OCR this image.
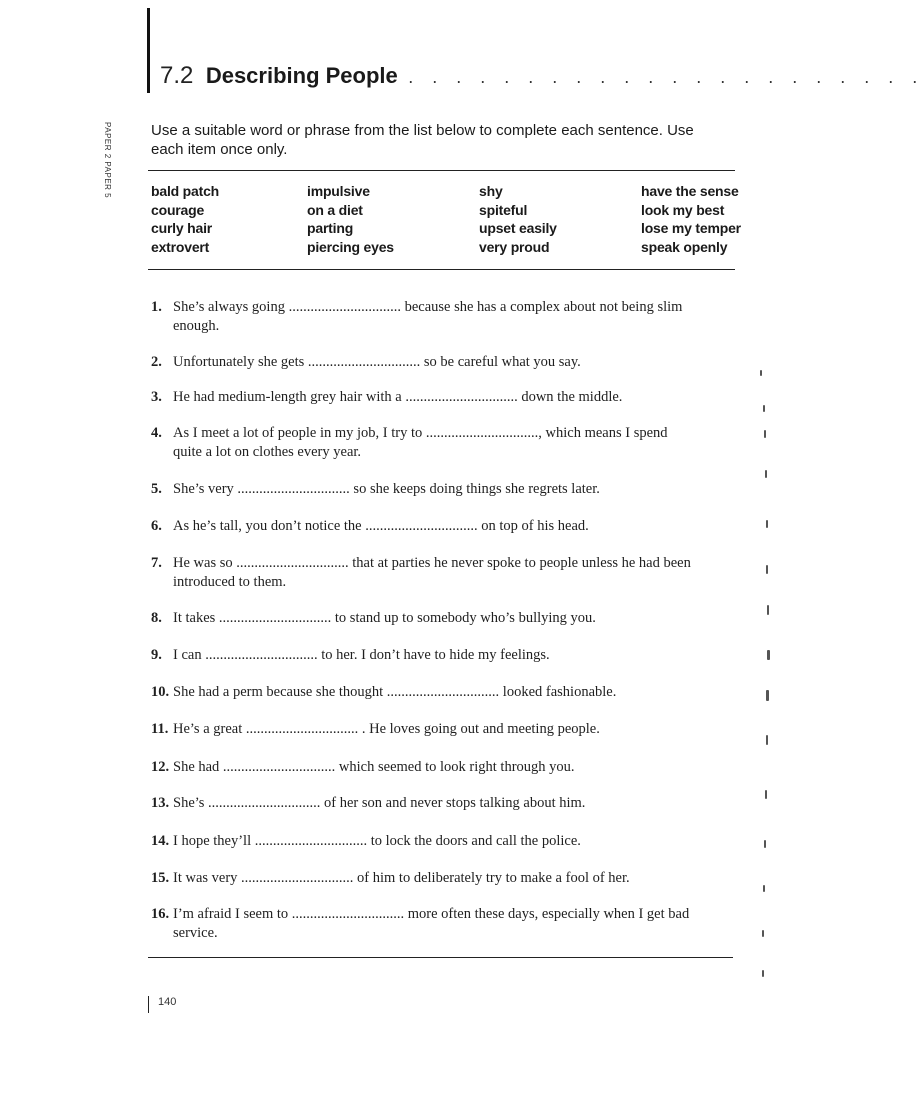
PAPER 2 PAPER 5
7.2 Describing People . . . . . . . . . . . . . . . . . . . . . .
Use a suitable word or phrase from the list below to complete each sentence. Use each item once only.
bald patch
courage
curly hair
extrovert
impulsive
on a diet
parting
piercing eyes
shy
spiteful
upset easily
very proud
have the sense
look my best
lose my temper
speak openly
1. She’s always going ............................... because she has a complex about not being slim
enough.
2. Unfortunately she gets ............................... so be careful what you say.
3. He had medium-length grey hair with a ............................... down the middle.
4. As I meet a lot of people in my job, I try to ..............................., which means I spend
quite a lot on clothes every year.
5. She’s very ............................... so she keeps doing things she regrets later.
6. As he’s tall, you don’t notice the ............................... on top of his head.
7. He was so ............................... that at parties he never spoke to people unless he had been
introduced to them.
8. It takes ............................... to stand up to somebody who’s bullying you.
9. I can ............................... to her. I don’t have to hide my feelings.
10. She had a perm because she thought ............................... looked fashionable.
11. He’s a great ............................... . He loves going out and meeting people.
12. She had ............................... which seemed to look right through you.
13. She’s ............................... of her son and never stops talking about him.
14. I hope they’ll ............................... to lock the doors and call the police.
15. It was very ............................... of him to deliberately try to make a fool of her.
16. I’m afraid I seem to ............................... more often these days, especially when I get bad
service.
140
